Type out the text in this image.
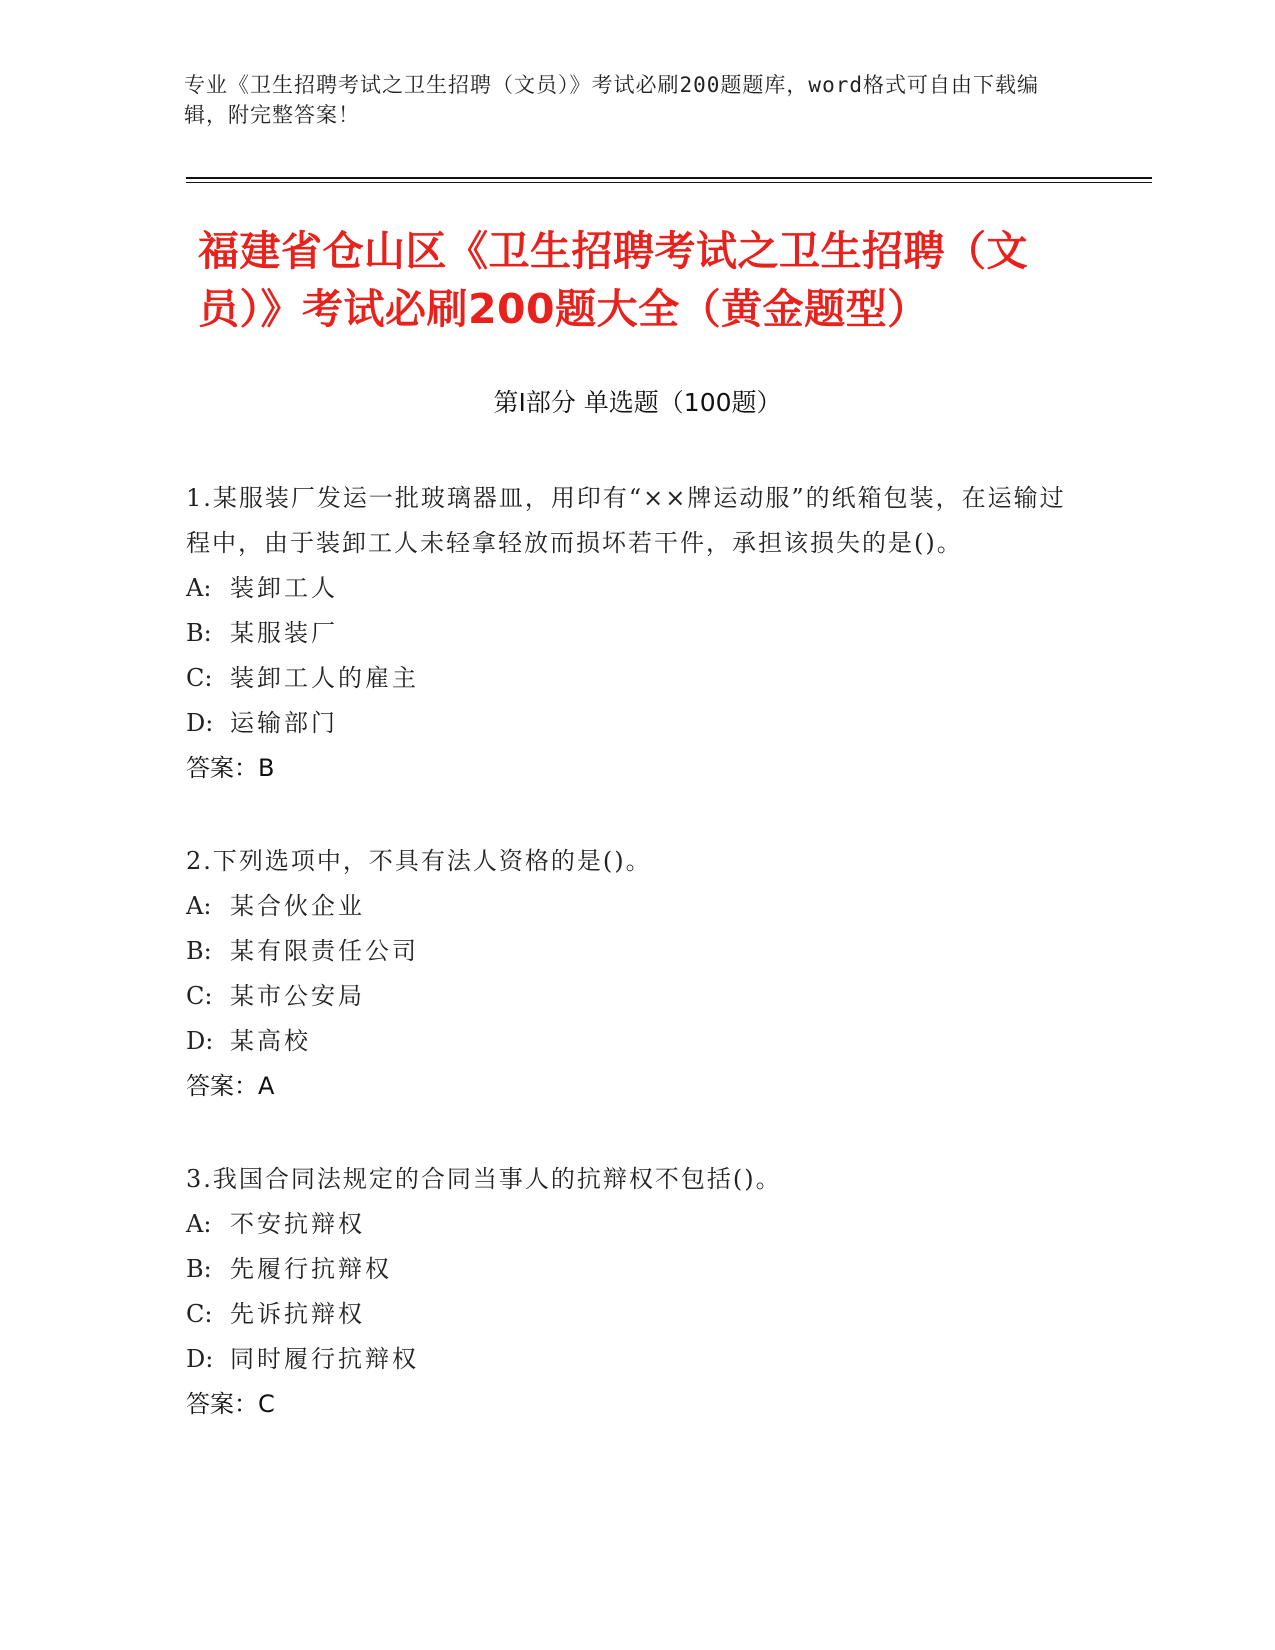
专业《卫生招聘考试之卫生招聘（文员）》考试必刷200题题库，word格式可自由下载编辑，附完整答案！
福建省仓山区《卫生招聘考试之卫生招聘（文员）》考试必刷200题大全（黄金题型）
第Ⅰ部分 单选题（100题）

1.某服装厂发运一批玻璃器皿，用印有“××牌运动服”的纸箱包装，在运输过程中，由于装卸工人未轻拿轻放而损坏若干件，承担该损失的是()。

A: 装卸工人
B: 某服装厂
C: 装卸工人的雇主
D: 运输部门
答案：B

2.下列选项中，不具有法人资格的是()。

A: 某合伙企业
B: 某有限责任公司
C: 某市公安局
D: 某高校
答案：A

3.我国合同法规定的合同当事人的抗辩权不包括()。

A: 不安抗辩权
B: 先履行抗辩权
C: 先诉抗辩权
D: 同时履行抗辩权
答案：C
